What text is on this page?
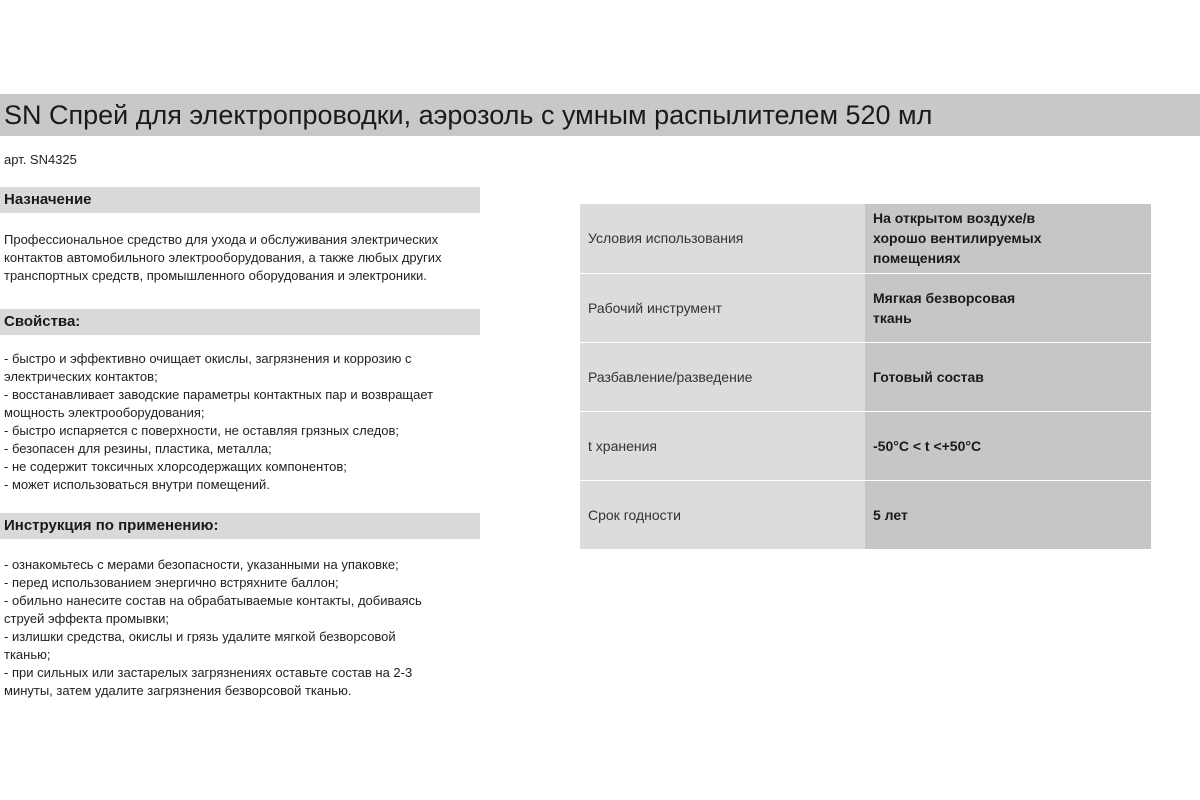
SN Спрей для электропроводки, аэрозоль с умным распылителем 520 мл
арт. SN4325
Назначение
Профессиональное средство для ухода и обслуживания электрических
контактов автомобильного электрооборудования, а также любых других
транспортных средств, промышленного оборудования и электроники.
Свойства:
- быстро и эффективно очищает окислы, загрязнения и коррозию с
электрических контактов;
- восстанавливает заводские параметры контактных пар и возвращает
мощность электрооборудования;
- быстро испаряется с поверхности, не оставляя грязных следов;
- безопасен для резины, пластика, металла;
- не содержит токсичных хлорсодержащих компонентов;
- может использоваться внутри помещений.
Инструкция по применению:
- ознакомьтесь с мерами безопасности, указанными на упаковке;
- перед использованием энергично встряхните баллон;
- обильно нанесите состав на обрабатываемые контакты, добиваясь
струей эффекта промывки;
- излишки средства, окислы и грязь удалите мягкой безворсовой
тканью;
- при сильных или застарелых загрязнениях оставьте состав на 2-3
минуты, затем удалите загрязнения безворсовой тканью.
Условия использования	На открытом воздухе/в
хорошо вентилируемых
помещениях

Рабочий инструмент	Мягкая безворсовая
ткань

Разбавление/разведение	Готовый состав

t хранения	-50°C < t <+50°C

Срок годности	5 лет
